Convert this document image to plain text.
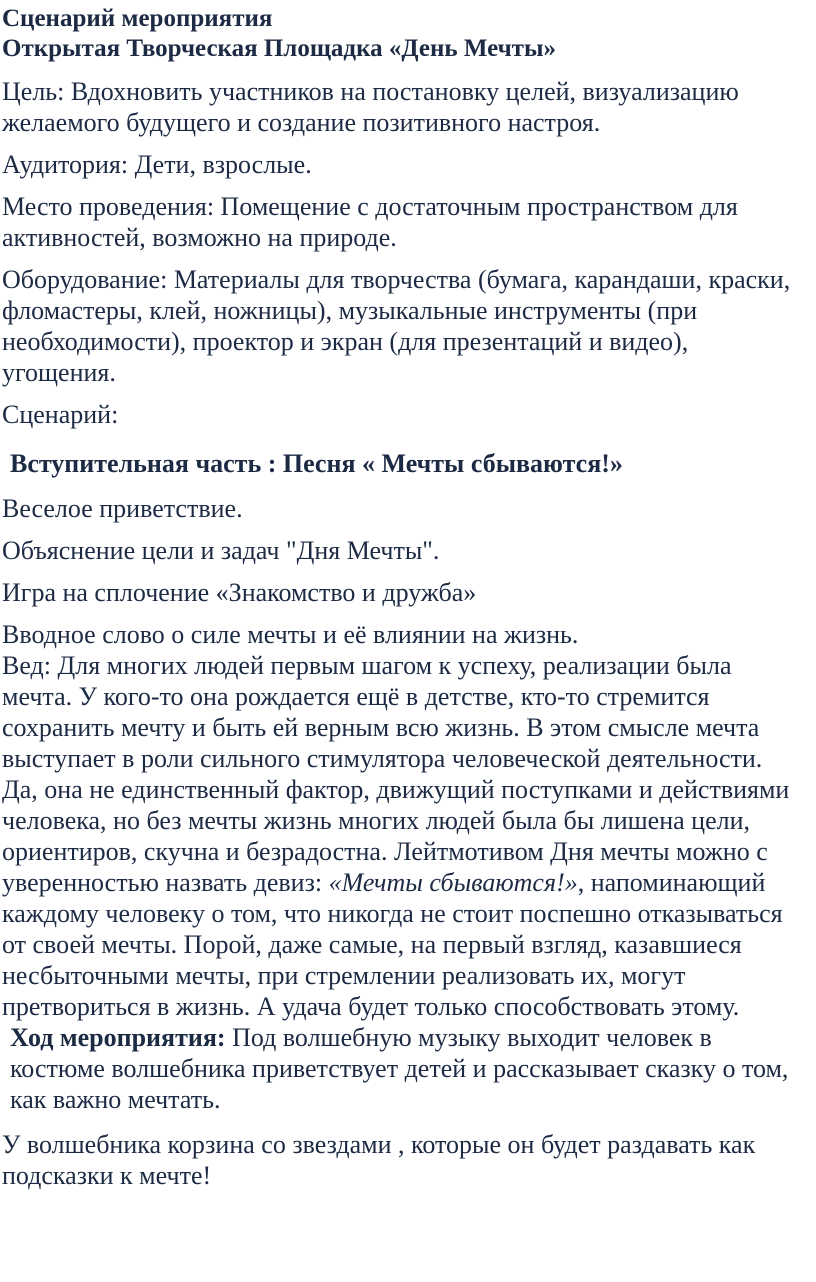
Сценарий мероприятия
Открытая Творческая Площадка «День Мечты»

Цель: Вдохновить участников на постановку целей, визуализацию желаемого будущего и создание позитивного настроя.

Аудитория: Дети, взрослые.

Место проведения: Помещение с достаточным пространством для активностей, возможно на природе.

Оборудование: Материалы для творчества (бумага, карандаши, краски, фломастеры, клей, ножницы), музыкальные инструменты (при необходимости), проектор и экран (для презентаций и видео), угощения.

Сценарий:

Вступительная часть : Песня « Мечты сбываются!»

Веселое приветствие.

Объяснение цели и задач "Дня Мечты".

Игра на сплочение «Знакомство и дружба»

Вводное слово о силе мечты и её влиянии на жизнь.

Вед: Для многих людей первым шагом к успеху, реализации была мечта. У кого-то она рождается ещё в детстве, кто-то стремится сохранить мечту и быть ей верным всю жизнь. В этом смысле мечта выступает в роли сильного стимулятора человеческой деятельности. Да, она не единственный фактор, движущий поступками и действиями человека, но без мечты жизнь многих людей была бы лишена цели, ориентиров, скучна и безрадостна. Лейтмотивом Дня мечты можно с уверенностью назвать девиз: «Мечты сбываются!», напоминающий каждому человеку о том, что никогда не стоит поспешно отказываться от своей мечты. Порой, даже самые, на первый взгляд, казавшиеся несбыточными мечты, при стремлении реализовать их, могут претвориться в жизнь. А удача будет только способствовать этому.

Ход мероприятия: Под волшебную музыку выходит человек в костюме волшебника приветствует детей и рассказывает сказку о том, как важно мечтать.

У волшебника корзина со звездами , которые он будет раздавать как подсказки к мечте!
